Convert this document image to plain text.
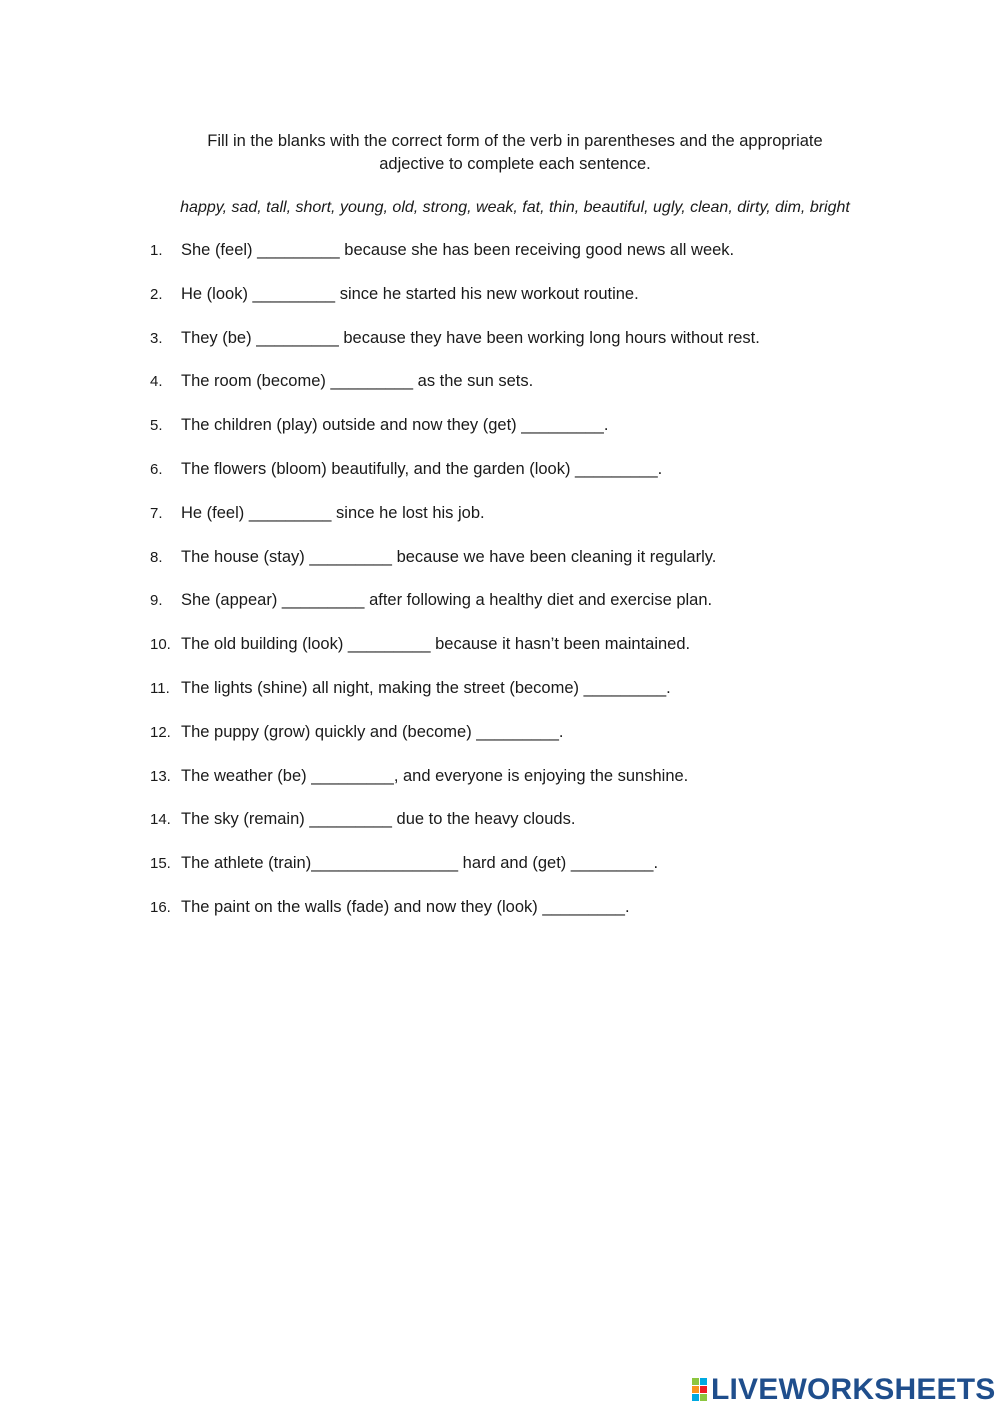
Fill in the blanks with the correct form of the verb in parentheses and the appropriate
adjective to complete each sentence.
happy, sad, tall, short, young, old, strong, weak, fat, thin, beautiful, ugly, clean, dirty, dim, bright
1.	She (feel) _________ because she has been receiving good news all week.
2.	He (look) _________ since he started his new workout routine.
3.	They (be) _________ because they have been working long hours without rest.
4.	The room (become) _________ as the sun sets.
5.	The children (play) outside and now they (get) _________.
6.	The flowers (bloom) beautifully, and the garden (look) _________.
7.	He (feel) _________ since he lost his job.
8.	The house (stay) _________ because we have been cleaning it regularly.
9.	She (appear) _________ after following a healthy diet and exercise plan.
10. The old building (look) _________ because it hasn’t been maintained.
11. The lights (shine) all night, making the street (become) _________.
12. The puppy (grow) quickly and (become) _________.
13. The weather (be) _________, and everyone is enjoying the sunshine.
14. The sky (remain) _________ due to the heavy clouds.
15. The athlete (train)________________ hard and (get) _________.
16. The paint on the walls (fade) and now they (look) _________.
LIVEWORKSHEETS
